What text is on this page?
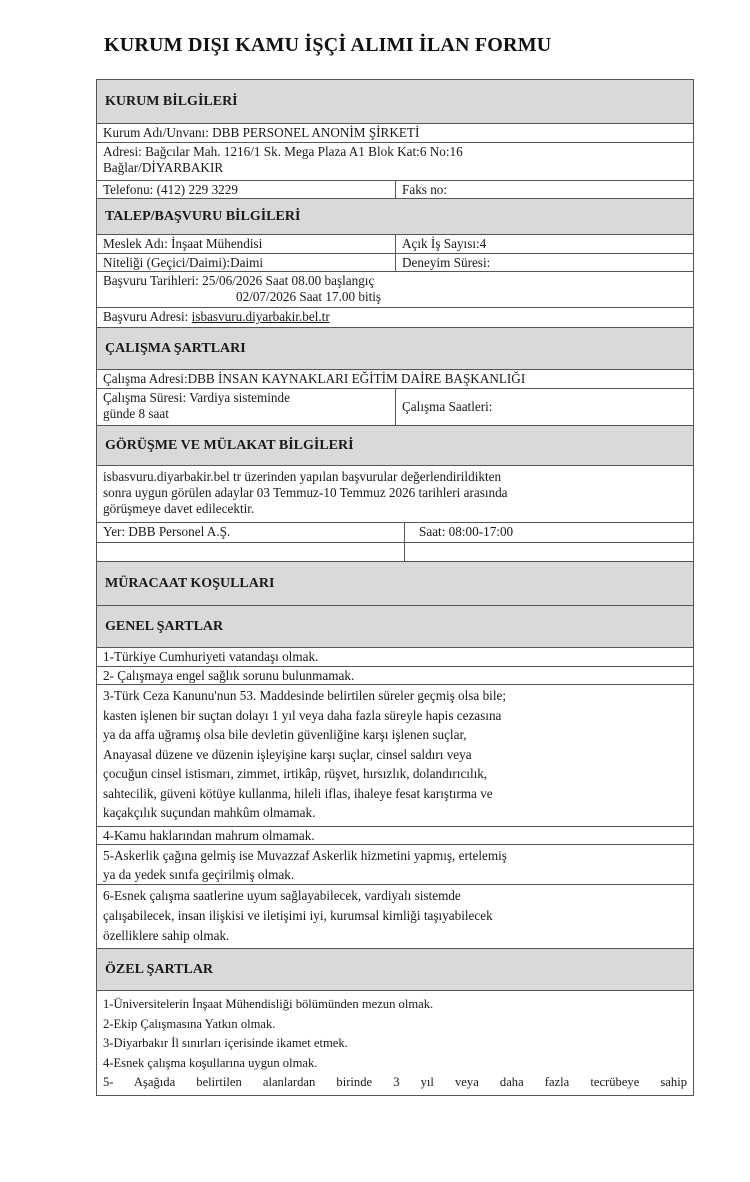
KURUM DIŞI KAMU İŞÇİ ALIMI İLAN FORMU
KURUM BİLGİLERİ
Kurum Adı/Unvanı: DBB PERSONEL ANONİM ŞİRKETİ
Adresi: Bağcılar Mah. 1216/1 Sk. Mega Plaza A1 Blok Kat:6 No:16
Bağlar/DİYARBAKIR
Telefonu: (412) 229 3229	Faks no:
TALEP/BAŞVURU BİLGİLERİ
Meslek Adı: İnşaat Mühendisi	Açık İş Sayısı:4
Niteliği (Geçici/Daimi):Daimi	Deneyim Süresi:
Başvuru Tarihleri: 25/06/2026 Saat 08.00 başlangıç
02/07/2026 Saat 17.00 bitiş
Başvuru Adresi: isbasvuru.diyarbakir.bel.tr
ÇALIŞMA ŞARTLARI
Çalışma Adresi:DBB İNSAN KAYNAKLARI EĞİTİM DAİRE BAŞKANLIĞI
Çalışma Süresi: Vardiya sisteminde
günde 8 saat	Çalışma Saatleri:
GÖRÜŞME VE MÜLAKAT BİLGİLERİ
isbasvuru.diyarbakir.bel tr üzerinden yapılan başvurular değerlendirildikten
sonra uygun görülen adaylar 03 Temmuz-10 Temmuz 2026 tarihleri arasında
görüşmeye davet edilecektir.
Yer: DBB Personel A.Ş.	Saat: 08:00-17:00
MÜRACAAT KOŞULLARI
GENEL ŞARTLAR
1-Türkiye Cumhuriyeti vatandaşı olmak.
2- Çalışmaya engel sağlık sorunu bulunmamak.
3-Türk Ceza Kanunu'nun 53. Maddesinde belirtilen süreler geçmiş olsa bile;
kasten işlenen bir suçtan dolayı 1 yıl veya daha fazla süreyle hapis cezasına
ya da affa uğramış olsa bile devletin güvenliğine karşı işlenen suçlar,
Anayasal düzene ve düzenin işleyişine karşı suçlar, cinsel saldırı veya
çocuğun cinsel istismarı, zimmet, irtikâp, rüşvet, hırsızlık, dolandırıcılık,
sahtecilik, güveni kötüye kullanma, hileli iflas, ihaleye fesat karıştırma ve
kaçakçılık suçundan mahkûm olmamak.
4-Kamu haklarından mahrum olmamak.
5-Askerlik çağına gelmiş ise Muvazzaf Askerlik hizmetini yapmış, ertelemiş
ya da yedek sınıfa geçirilmiş olmak.
6-Esnek çalışma saatlerine uyum sağlayabilecek, vardiyalı sistemde
çalışabilecek, insan ilişkisi ve iletişimi iyi, kurumsal kimliği taşıyabilecek
özelliklere sahip olmak.
ÖZEL ŞARTLAR
1-Üniversitelerin İnşaat Mühendisliği bölümünden mezun olmak.
2-Ekip Çalışmasına Yatkın olmak.
3-Diyarbakır İl sınırları içerisinde ikamet etmek.
4-Esnek çalışma koşullarına uygun olmak.
5- Aşağıda belirtilen alanlardan birinde 3 yıl veya daha fazla tecrübeye sahip
